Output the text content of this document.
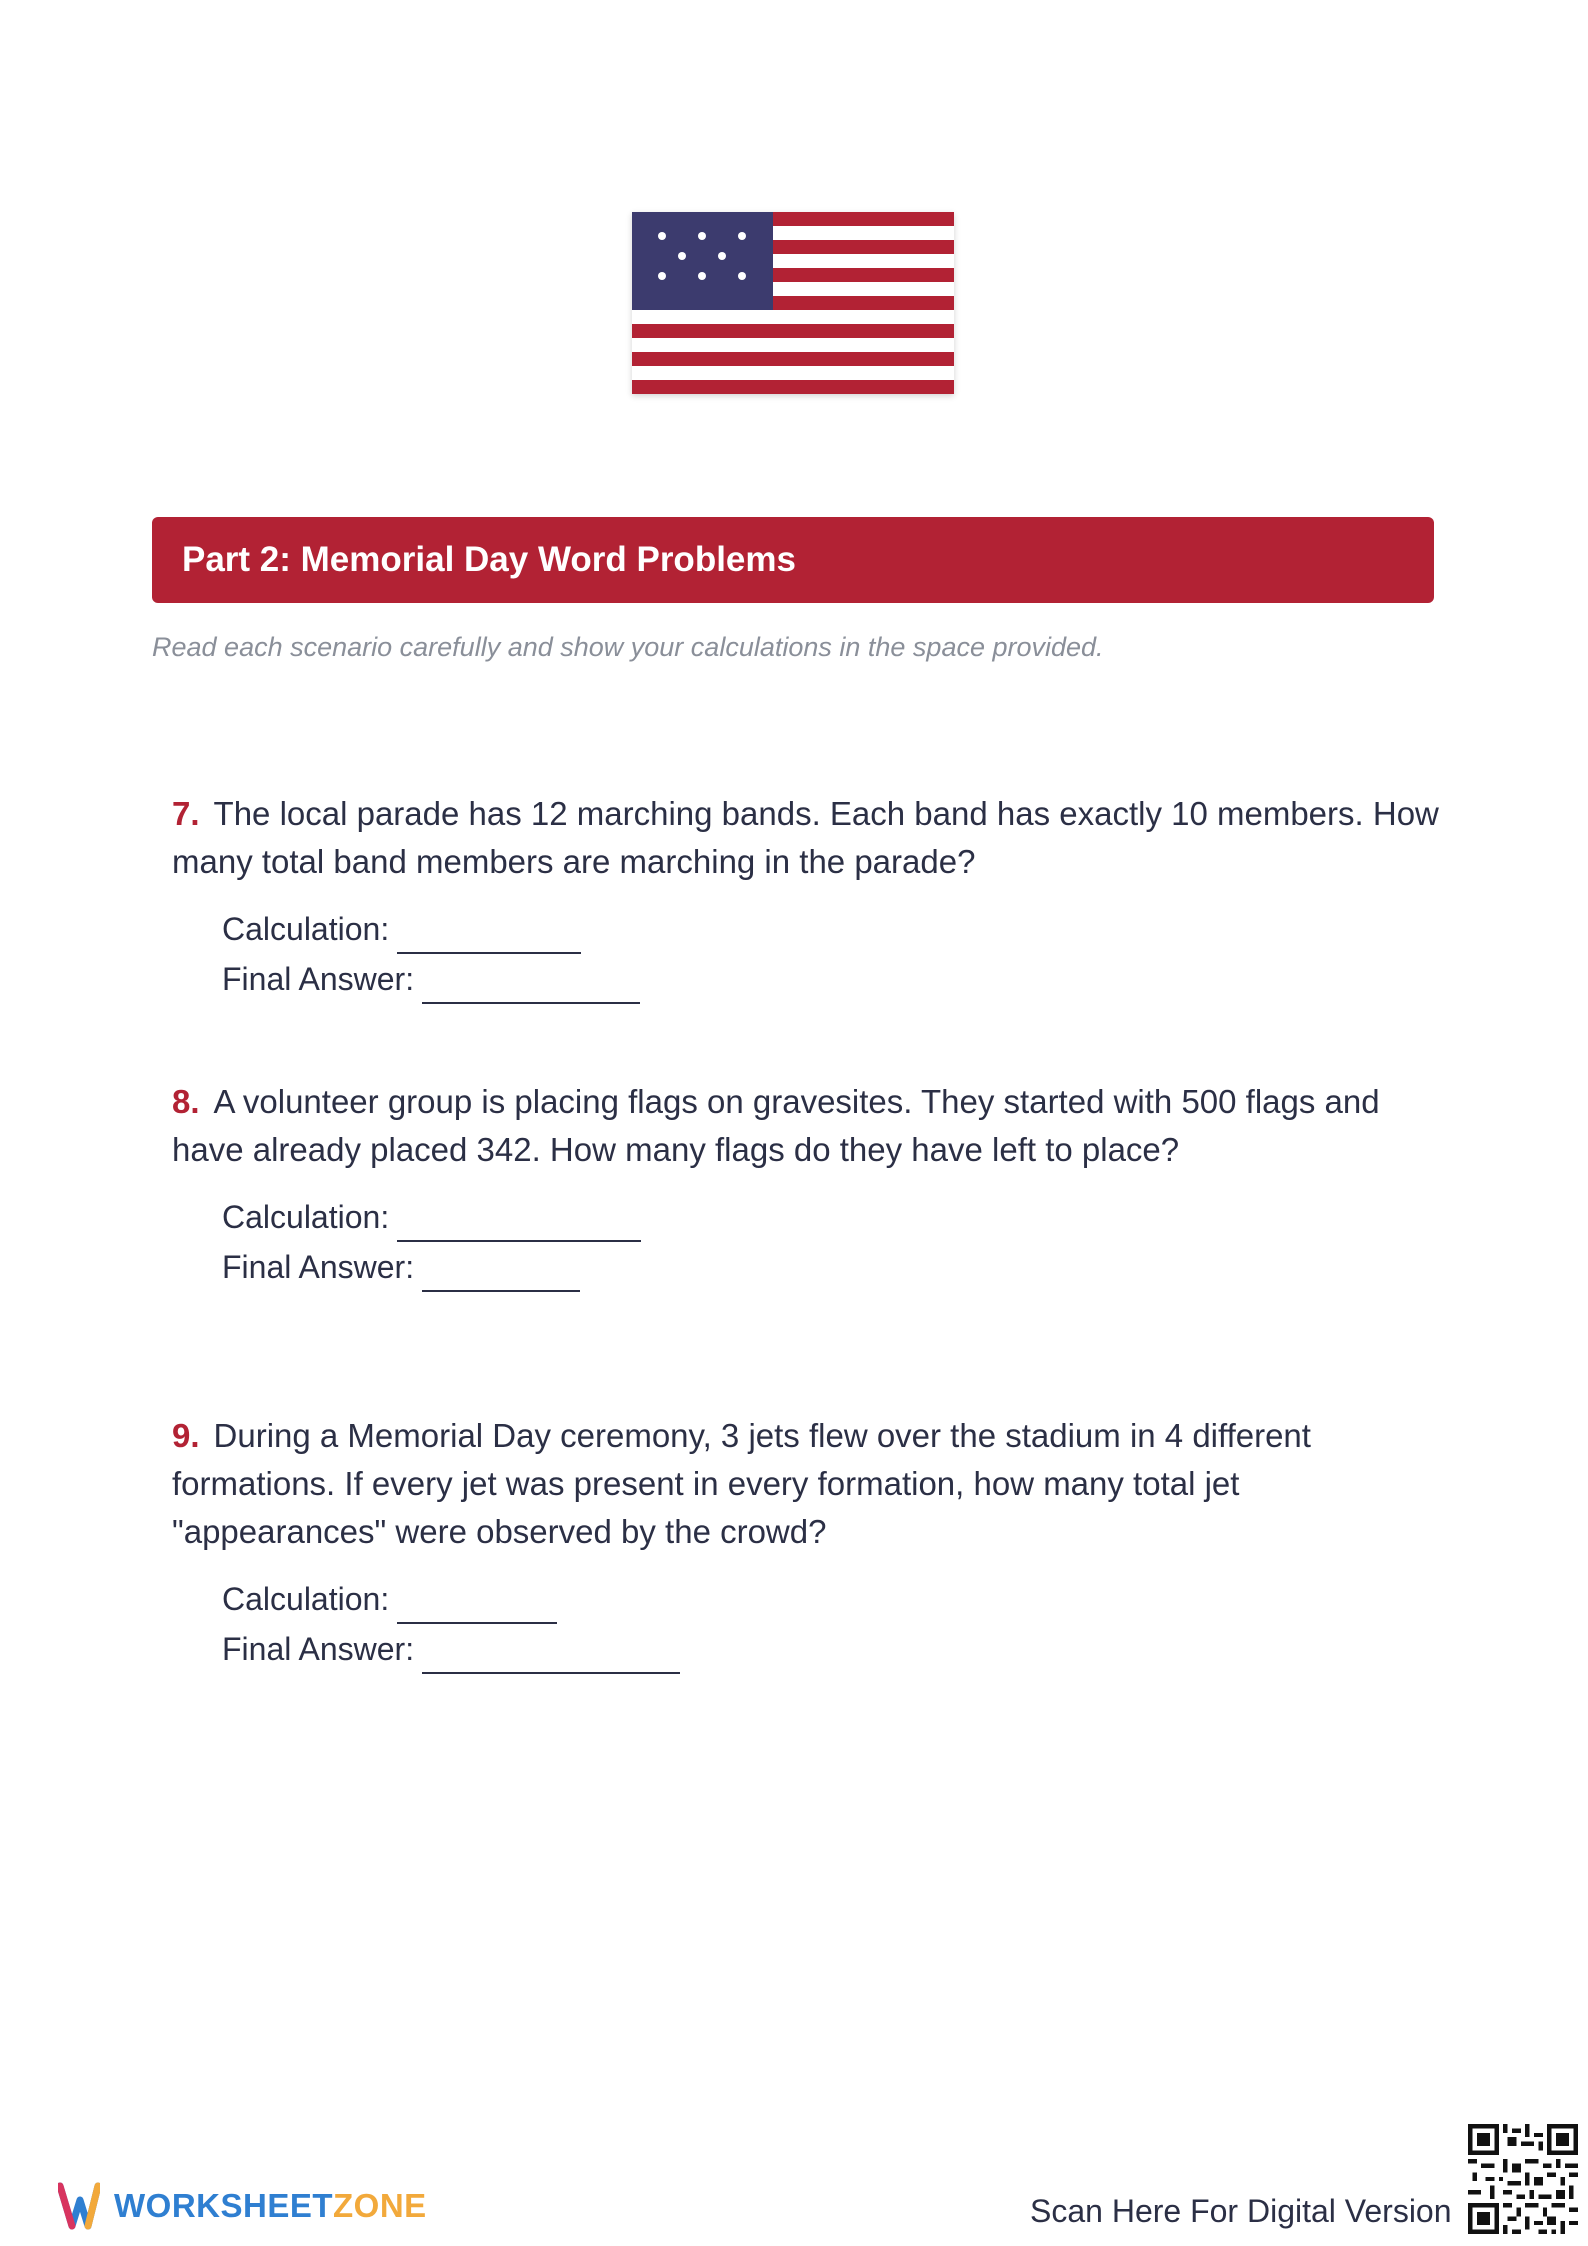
Part 2: Memorial Day Word Problems

Read each scenario carefully and show your calculations in the space provided.

7. The local parade has 12 marching bands. Each band has exactly 10 members. How many total band members are marching in the parade?

Calculation:
Final Answer:

8. A volunteer group is placing flags on gravesites. They started with 500 flags and have already placed 342. How many flags do they have left to place?

Calculation:
Final Answer:

9. During a Memorial Day ceremony, 3 jets flew over the stadium in 4 different formations. If every jet was present in every formation, how many total jet "appearances" were observed by the crowd?

Calculation:
Final Answer:
WORKSHEETZONE	Scan Here For Digital Version
